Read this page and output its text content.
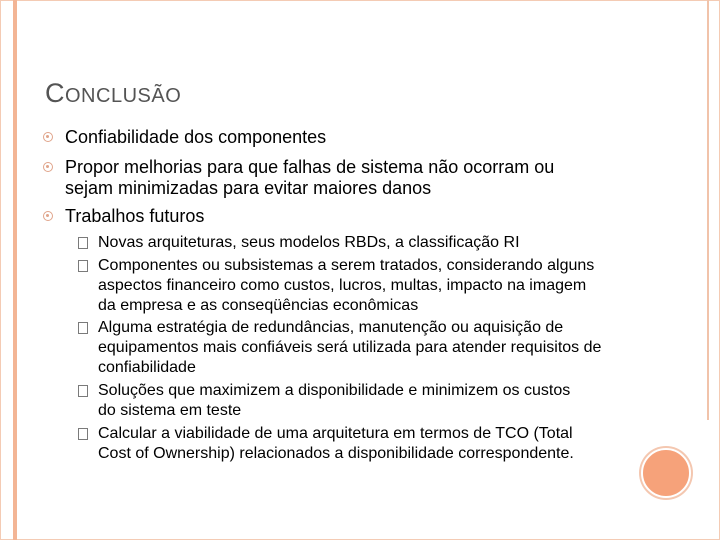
CONCLUSÃO
Confiabilidade dos componentes
Propor melhorias para que falhas de sistema não ocorram ou sejam minimizadas para evitar maiores danos
Trabalhos futuros
Novas arquiteturas, seus modelos RBDs, a classificação RI
Componentes ou subsistemas a serem tratados, considerando alguns aspectos financeiro como custos, lucros, multas, impacto na imagem da empresa e as conseqüências econômicas
Alguma estratégia de redundâncias, manutenção ou aquisição de equipamentos mais confiáveis será utilizada para atender requisitos de confiabilidade
Soluções que maximizem a disponibilidade e minimizem os custos do sistema em teste
Calcular a viabilidade de uma arquitetura em termos de TCO (Total Cost of Ownership) relacionados a disponibilidade correspondente.
